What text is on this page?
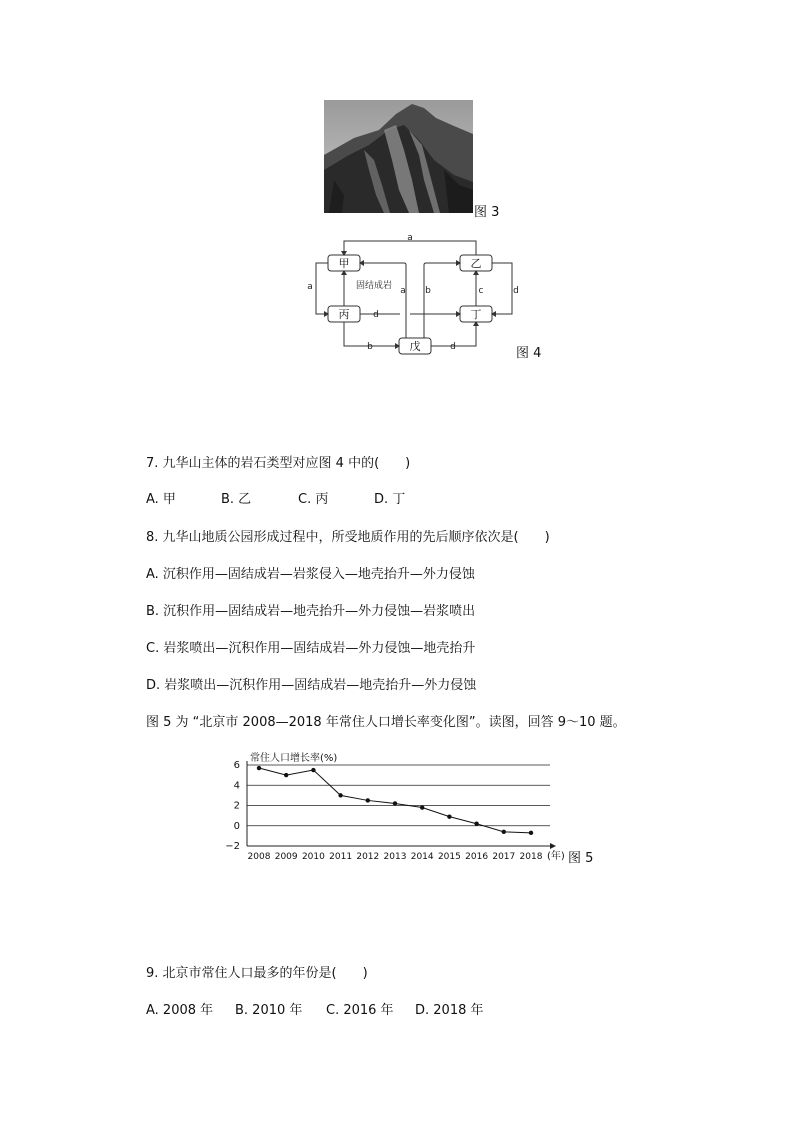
图 3
甲	乙
丙	丁
戊
a
a	固结成岩 a b	c	d
d
b	d	图 4
7. 九华山主体的岩石类型对应图 4 中的(　　)
A. 甲	B. 乙	C. 丙	D. 丁
8. 九华山地质公园形成过程中，所受地质作用的先后顺序依次是(　　)
A. 沉积作用—固结成岩—岩浆侵入—地壳抬升—外力侵蚀
B. 沉积作用—固结成岩—地壳抬升—外力侵蚀—岩浆喷出
C. 岩浆喷出—沉积作用—固结成岩—外力侵蚀—地壳抬升
D. 岩浆喷出—沉积作用—固结成岩—地壳抬升—外力侵蚀
图 5 为 “北京市 2008—2018 年常住人口增长率变化图”。读图，回答 9～10 题。
常住人口增长率(%)
6
4
2
0
−2
2008 2009 2010 2011 2012 2013 2014 2015 2016 2017 2018 (年) 图 5
9. 北京市常住人口最多的年份是(　　)
A. 2008 年 B. 2010 年 C. 2016 年 D. 2018 年
